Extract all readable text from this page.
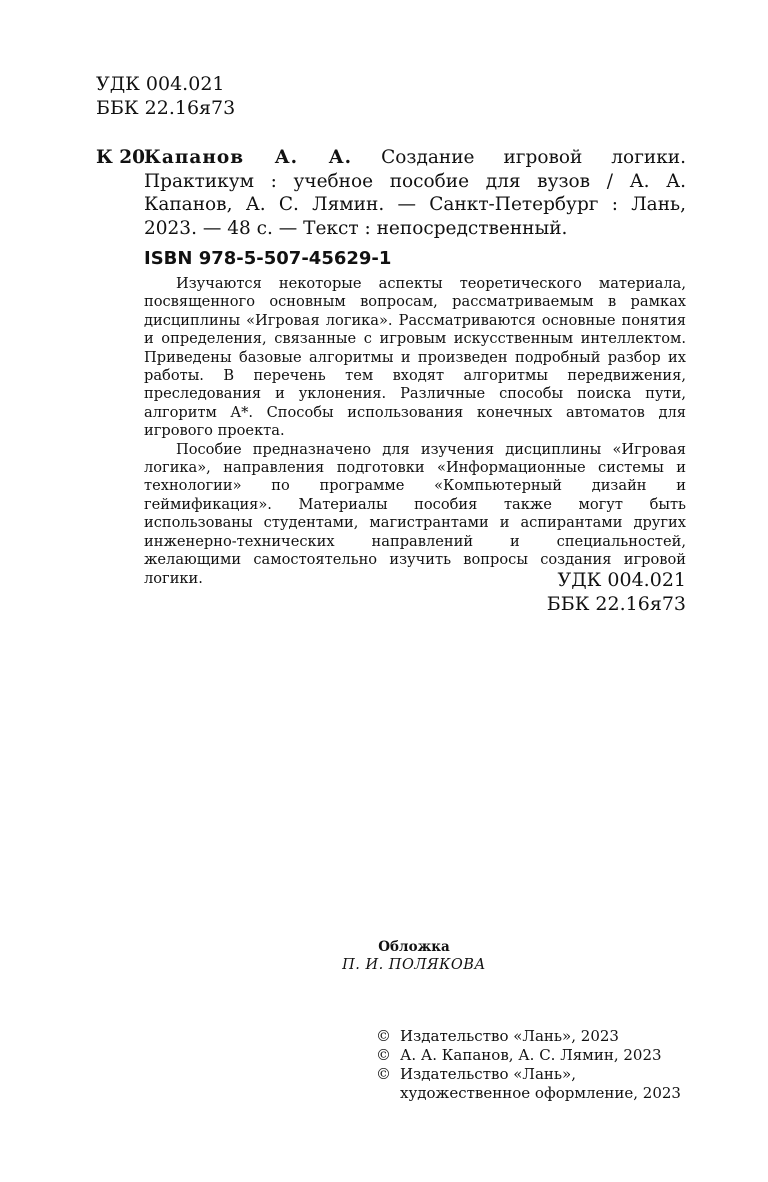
УДК 004.021
ББК 22.16я73
К 20
Капанов А. А. Создание игровой логики. Практикум : учебное пособие для вузов / А. А. Капанов, А. С. Лямин. — Санкт-Петербург : Лань, 2023. — 48 с. — Текст : непосредственный.
ISBN 978-5-507-45629-1

Изучаются некоторые аспекты теоретического материала, посвященного основным вопросам, рассматриваемым в рамках дисциплины «Игровая логика». Рассматриваются основные понятия и определения, связанные с игровым искусственным интеллектом. Приведены базовые алгоритмы и произведен подробный разбор их работы. В перечень тем входят алгоритмы передвижения, преследования и уклонения. Различные способы поиска пути, алгоритм A*. Способы использования конечных автоматов для игрового проекта.

Пособие предназначено для изучения дисциплины «Игровая логика», направления подготовки «Информационные системы и технологии» по программе «Компьютерный дизайн и геймификация». Материалы пособия также могут быть использованы студентами, магистрантами и аспирантами других инженерно-технических направлений и специальностей, желающими самостоятельно изучить вопросы создания игровой логики.	УДК 004.021
ББК 22.16я73
Обложка
П. И. ПОЛЯКОВА
© Издательство «Лань», 2023
© А. А. Капанов, А. С. Лямин, 2023
© Издательство «Лань»,
художественное оформление, 2023
